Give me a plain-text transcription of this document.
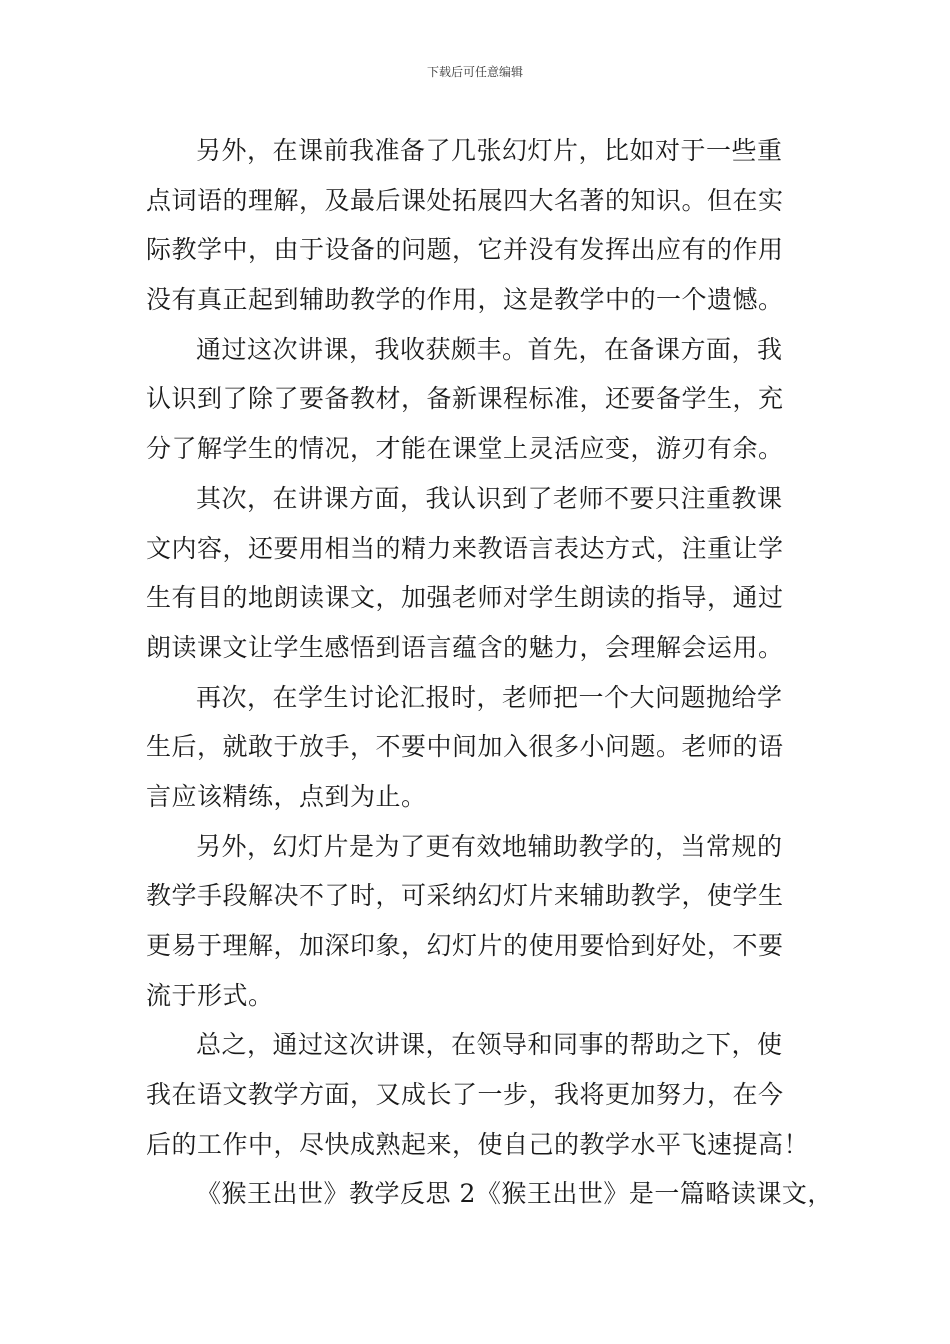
下载后可任意编辑
另外，在课前我准备了几张幻灯片，比如对于一些重
点词语的理解，及最后课处拓展四大名著的知识。但在实
际教学中，由于设备的问题，它并没有发挥出应有的作用
没有真正起到辅助教学的作用，这是教学中的一个遗憾。
通过这次讲课，我收获颇丰。首先，在备课方面，我
认识到了除了要备教材，备新课程标准，还要备学生，充
分了解学生的情况，才能在课堂上灵活应变，游刃有余。
其次，在讲课方面，我认识到了老师不要只注重教课
文内容，还要用相当的精力来教语言表达方式，注重让学
生有目的地朗读课文，加强老师对学生朗读的指导，通过
朗读课文让学生感悟到语言蕴含的魅力，会理解会运用。
再次，在学生讨论汇报时，老师把一个大问题抛给学
生后，就敢于放手，不要中间加入很多小问题。老师的语
言应该精练，点到为止。
另外，幻灯片是为了更有效地辅助教学的，当常规的
教学手段解决不了时，可采纳幻灯片来辅助教学，使学生
更易于理解，加深印象，幻灯片的使用要恰到好处，不要
流于形式。
总之，通过这次讲课，在领导和同事的帮助之下，使
我在语文教学方面，又成长了一步，我将更加努力，在今
后的工作中，尽快成熟起来，使自己的教学水平飞速提高！
《猴王出世》教学反思 2《猴王出世》是一篇略读课文，
